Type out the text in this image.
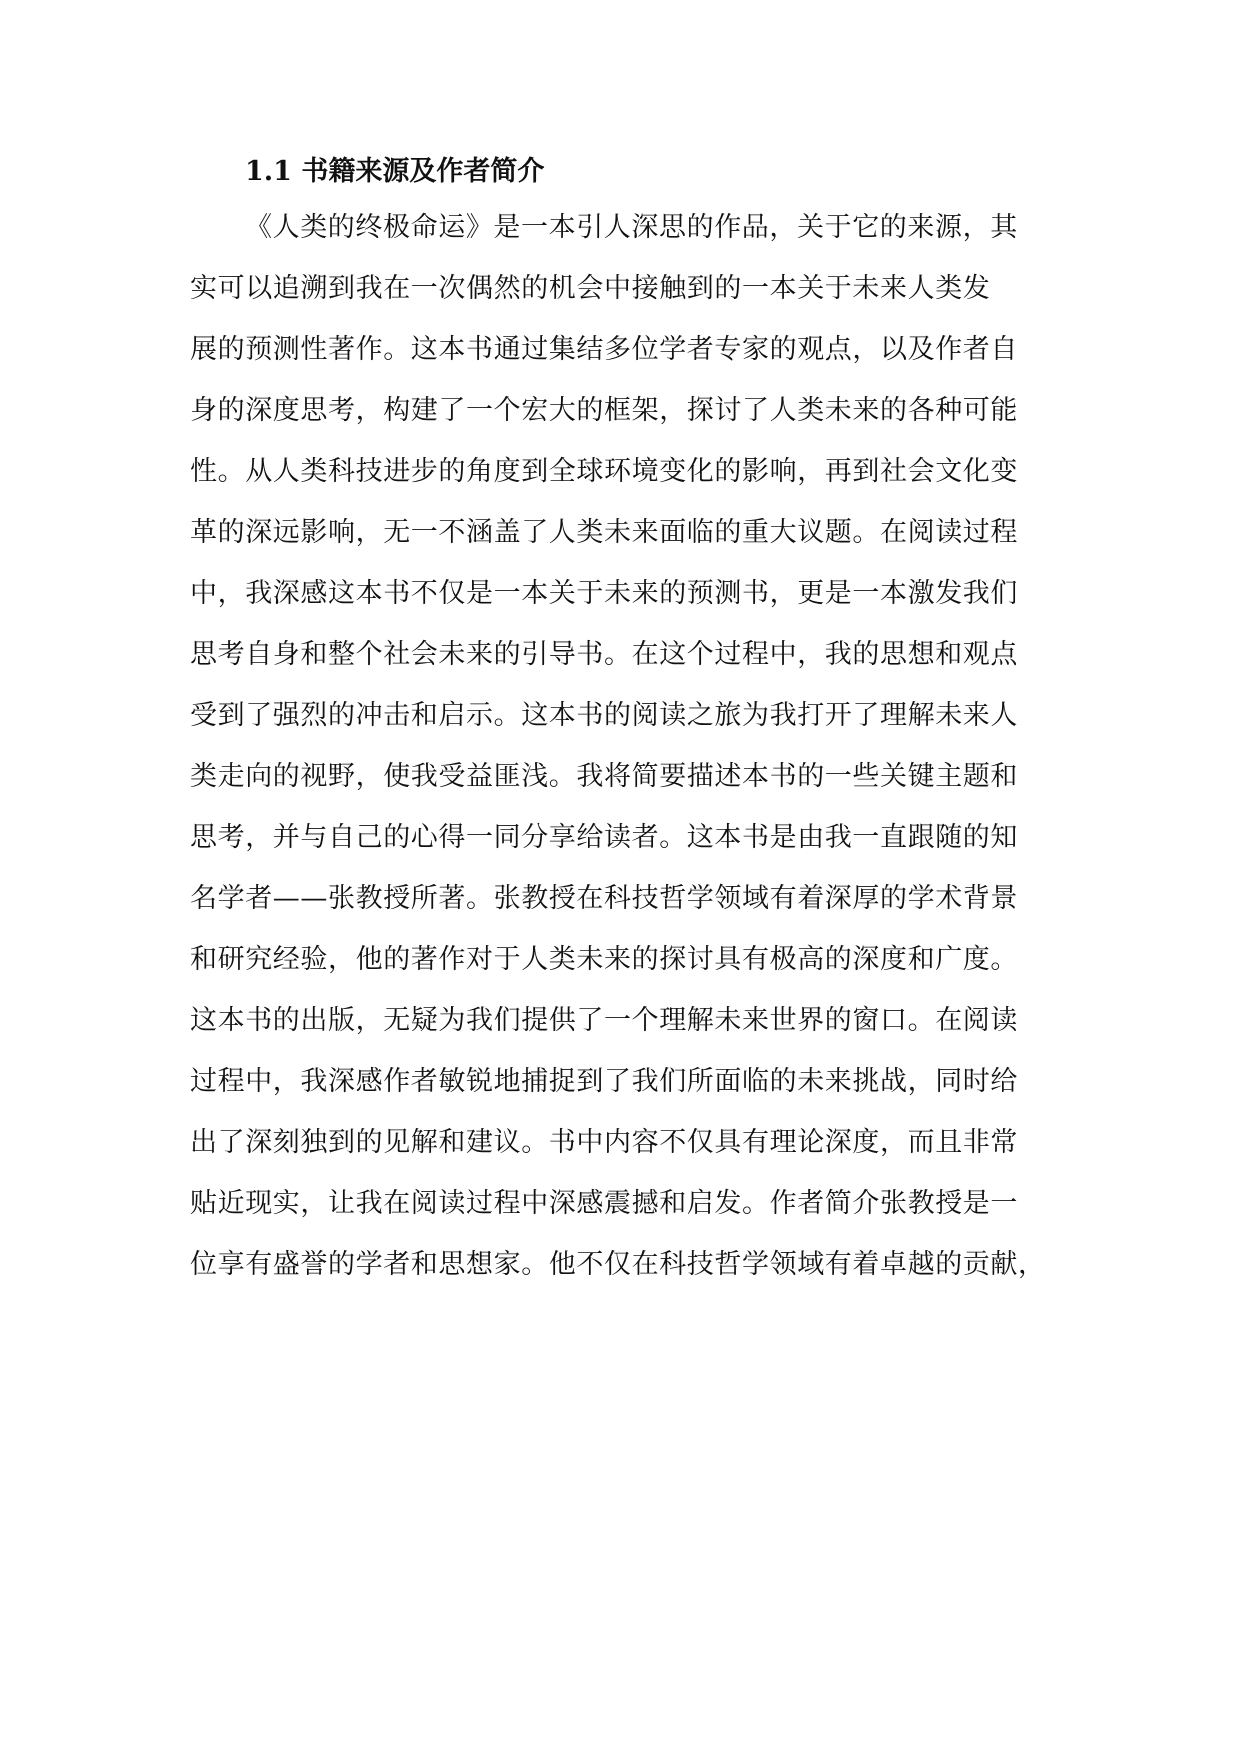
1.1 书籍来源及作者简介
《人类的终极命运》是一本引人深思的作品，关于它的来源，其
实可以追溯到我在一次偶然的机会中接触到的一本关于未来人类发
展的预测性著作。这本书通过集结多位学者专家的观点，以及作者自
身的深度思考，构建了一个宏大的框架，探讨了人类未来的各种可能
性。从人类科技进步的角度到全球环境变化的影响，再到社会文化变
革的深远影响，无一不涵盖了人类未来面临的重大议题。在阅读过程
中，我深感这本书不仅是一本关于未来的预测书，更是一本激发我们
思考自身和整个社会未来的引导书。在这个过程中，我的思想和观点
受到了强烈的冲击和启示。这本书的阅读之旅为我打开了理解未来人
类走向的视野，使我受益匪浅。我将简要描述本书的一些关键主题和
思考，并与自己的心得一同分享给读者。这本书是由我一直跟随的知
名学者——张教授所著。张教授在科技哲学领域有着深厚的学术背景
和研究经验，他的著作对于人类未来的探讨具有极高的深度和广度。
这本书的出版，无疑为我们提供了一个理解未来世界的窗口。在阅读
过程中，我深感作者敏锐地捕捉到了我们所面临的未来挑战，同时给
出了深刻独到的见解和建议。书中内容不仅具有理论深度，而且非常
贴近现实，让我在阅读过程中深感震撼和启发。作者简介张教授是一
位享有盛誉的学者和思想家。他不仅在科技哲学领域有着卓越的贡献，
